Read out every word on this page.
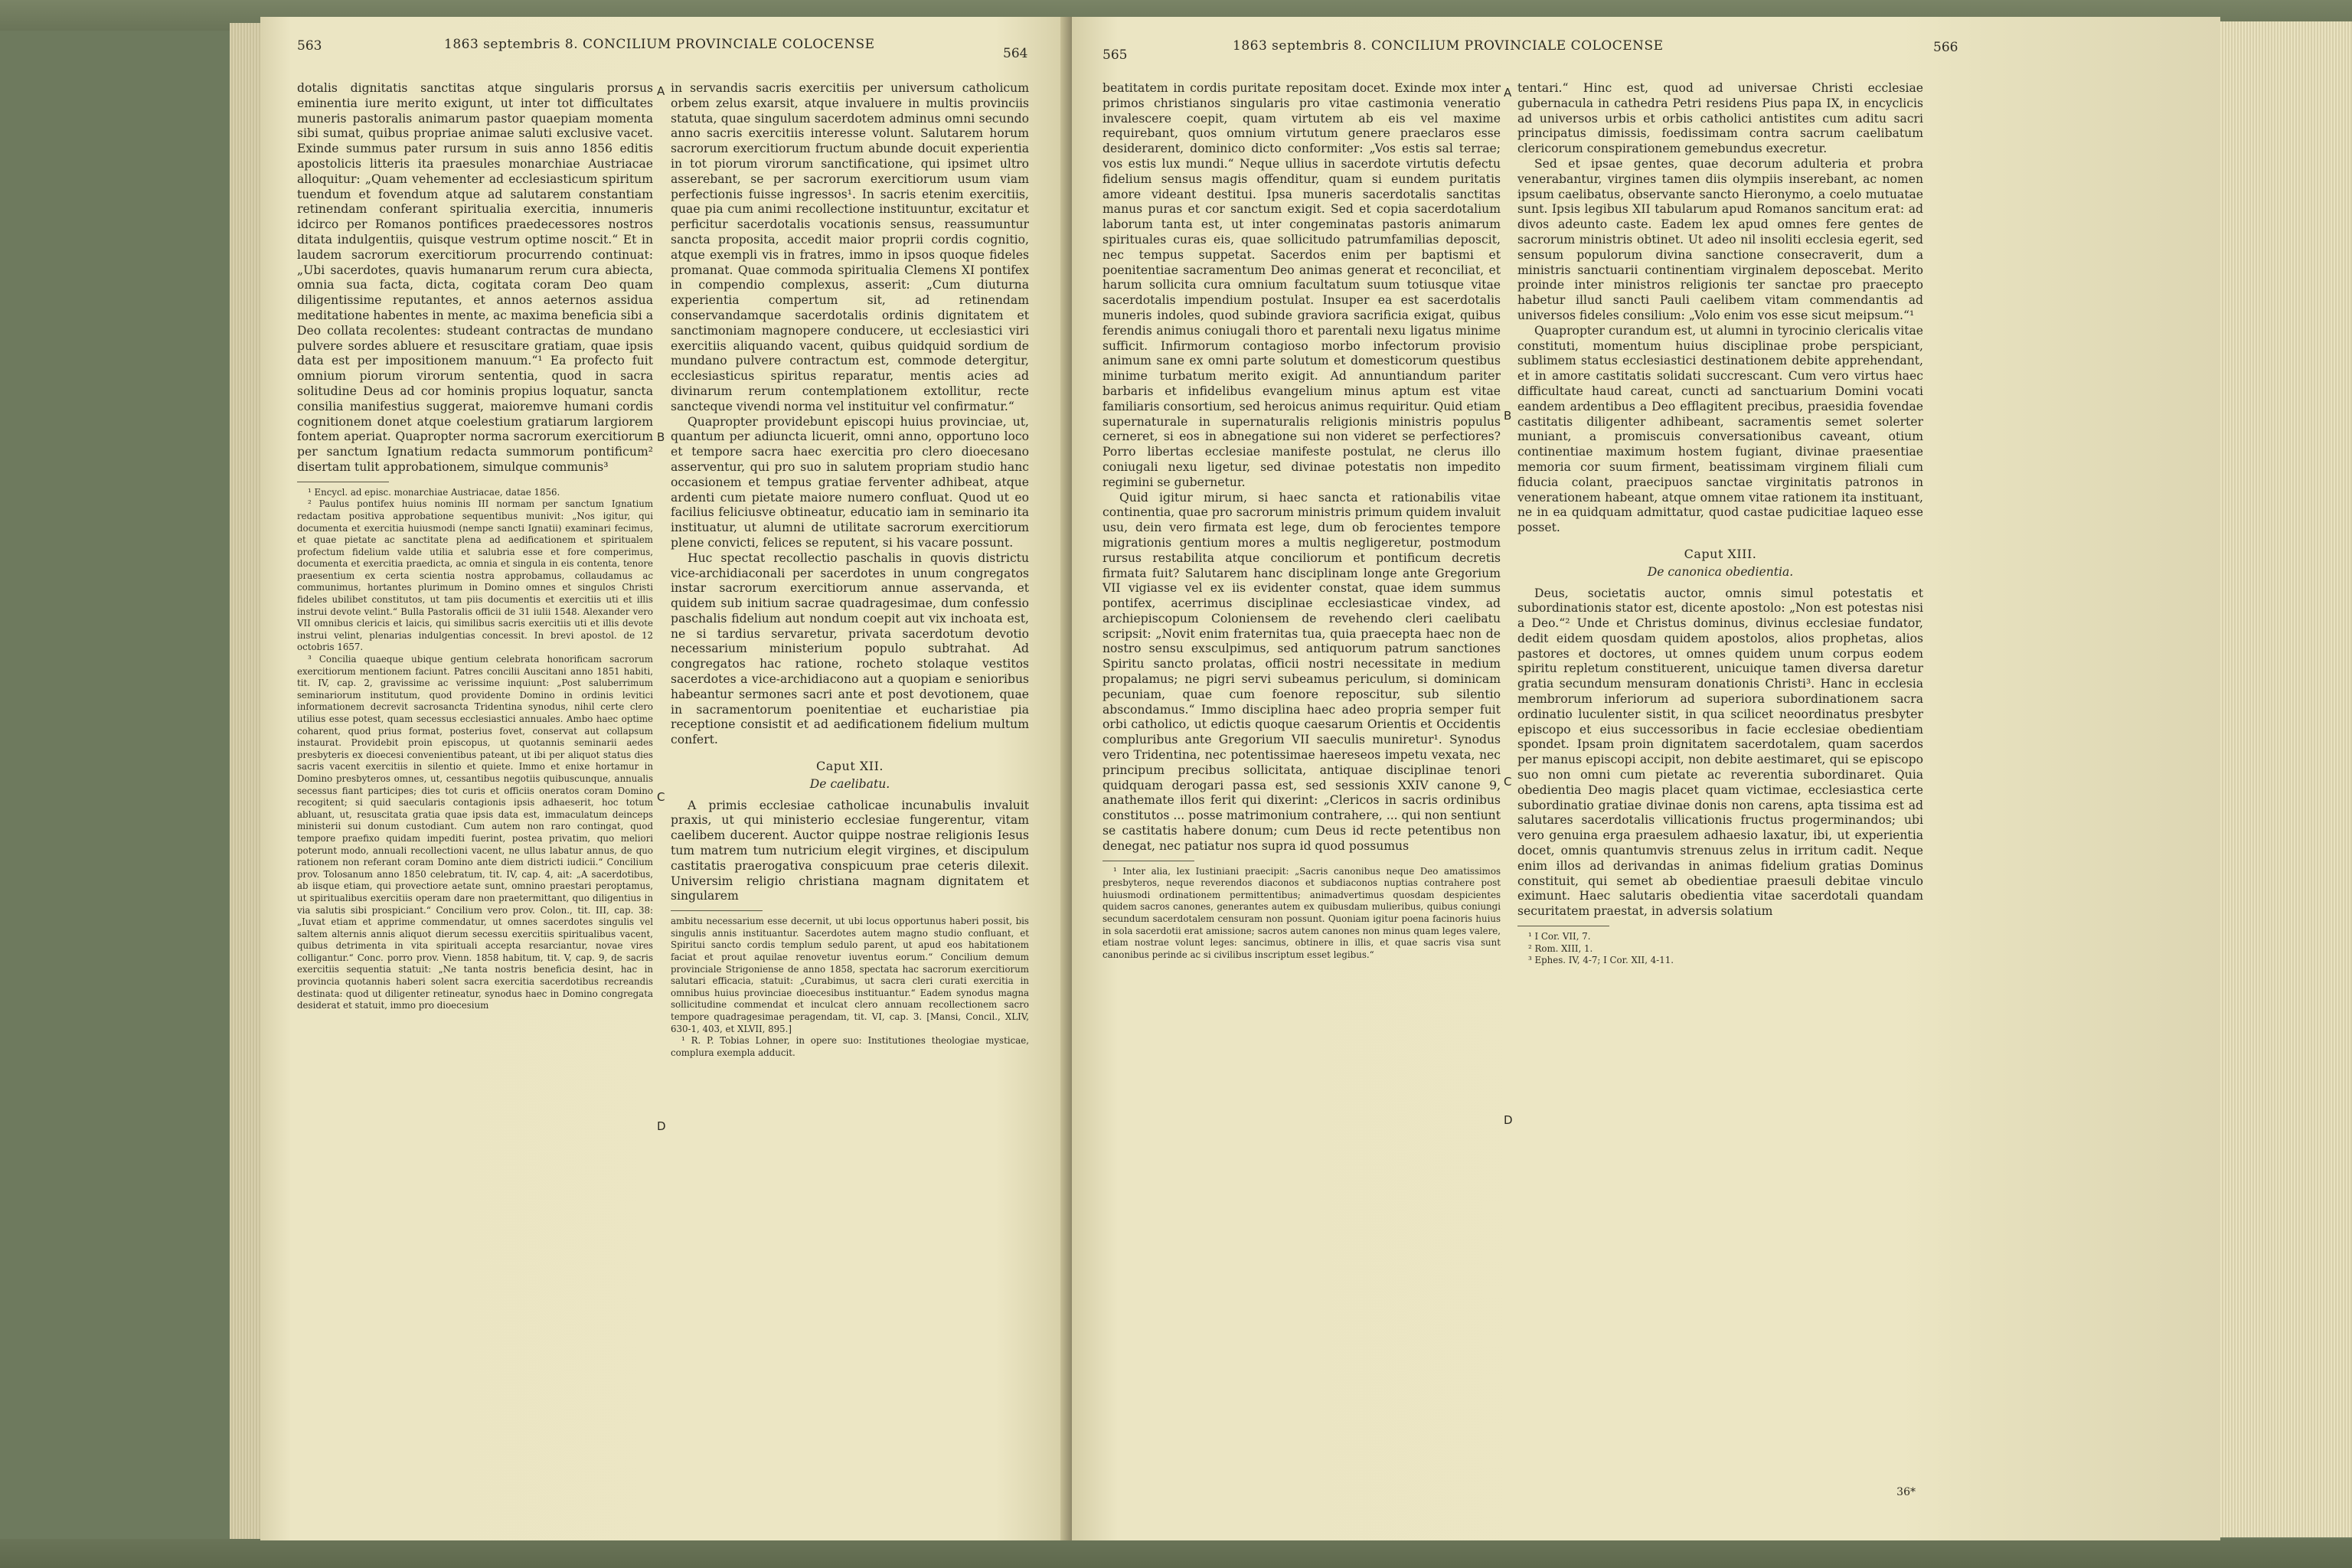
563	1863 septembris 8. CONCILIUM PROVINCIALE COLOCENSE
564

dotalis dignitatis sanctitas atque singularis prorsus eminentia iure merito exigunt, ut inter tot difficultates muneris pastoralis animarum pastor quaepiam momenta sibi sumat, quibus propriae animae saluti exclusive vacet. Exinde summus pater rursum in suis anno 1856 editis apostolicis litteris ita praesules monarchiae Austriacae alloquitur: „Quam vehementer ad ecclesiasticum spiritum tuendum et fovendum atque ad salutarem constantiam retinendam conferant spiritualia exercitia, innumeris idcirco per Romanos pontifices praedecessores nostros ditata indulgentiis, quisque vestrum optime noscit.“ Et in laudem sacrorum exercitiorum procurrendo continuat: „Ubi sacerdotes, quavis humanarum rerum cura abiecta, omnia sua facta, dicta, cogitata coram Deo quam diligentissime reputantes, et annos aeternos assidua meditatione habentes in mente, ac maxima beneficia sibi a Deo collata recolentes: studeant contractas de mundano pulvere sordes abluere et resuscitare gratiam, quae ipsis data est per impositionem manuum.“¹ Ea profecto fuit omnium piorum virorum sententia, quod in sacra solitudine Deus ad cor hominis propius loquatur, sancta consilia manifestius suggerat, maioremve humani cordis cognitionem donet atque coelestium gratiarum largiorem fontem aperiat. Quapropter norma sacrorum exercitiorum per sanctum Ignatium redacta summorum pontificum² disertam tulit approbationem, simulque communis³

¹ Encycl. ad episc. monarchiae Austriacae, datae 1856.

² Paulus pontifex huius nominis III normam per sanctum Ignatium redactam positiva approbatione sequentibus munivit: „Nos igitur, qui documenta et exercitia huiusmodi (nempe sancti Ignatii) examinari fecimus, et quae pietate ac sanctitate plena ad aedificationem et spiritualem profectum fidelium valde utilia et salubria esse et fore comperimus, documenta et exercitia praedicta, ac omnia et singula in eis contenta, tenore praesentium ex certa scientia nostra approbamus, collaudamus ac communimus, hortantes plurimum in Domino omnes et singulos Christi fideles ubilibet constitutos, ut tam piis documentis et exercitiis uti et illis instrui devote velint.“ Bulla Pastoralis officii de 31 iulii 1548. Alexander vero VII omnibus clericis et laicis, qui similibus sacris exercitiis uti et illis devote instrui velint, plenarias indulgentias concessit. In brevi apostol. de 12 octobris 1657.

³ Concilia quaeque ubique gentium celebrata honorificam sacrorum exercitiorum mentionem faciunt. Patres concilii Auscitani anno 1851 habiti, tit. IV, cap. 2, gravissime ac verissime inquiunt: „Post saluberrimum seminariorum institutum, quod providente Domino in ordinis levitici informationem decrevit sacrosancta Tridentina synodus, nihil certe clero utilius esse potest, quam secessus ecclesiastici annuales. Ambo haec optime coharent, quod prius format, posterius fovet, conservat aut collapsum instaurat. Providebit proin episcopus, ut quotannis seminarii aedes presbyteris ex dioecesi convenientibus pateant, ut ibi per aliquot status dies sacris vacent exercitiis in silentio et quiete. Immo et enixe hortamur in Domino presbyteros omnes, ut, cessantibus negotiis quibuscunque, annualis secessus fiant participes; dies tot curis et officiis oneratos coram Domino recogitent; si quid saecularis contagionis ipsis adhaeserit, hoc totum abluant, ut, resuscitata gratia quae ipsis data est, immaculatum deinceps ministerii sui donum custodiant. Cum autem non raro contingat, quod tempore praefixo quidam impediti fuerint, postea privatim, quo meliori poterunt modo, annuali recollectioni vacent, ne ullus labatur annus, de quo rationem non referant coram Domino ante diem districti iudicii.“ Concilium prov. Tolosanum anno 1850 celebratum, tit. IV, cap. 4, ait: „A sacerdotibus, ab iisque etiam, qui provectiore aetate sunt, omnino praestari peroptamus, ut spiritualibus exercitiis operam dare non praetermittant, quo diligentius in via salutis sibi prospiciant.“ Concilium vero prov. Colon., tit. III, cap. 38: „Iuvat etiam et apprime commendatur, ut omnes sacerdotes singulis vel saltem alternis annis aliquot dierum secessu exercitiis spiritualibus vacent, quibus detrimenta in vita spirituali accepta resarciantur, novae vires colligantur.“ Conc. porro prov. Vienn. 1858 habitum, tit. V, cap. 9, de sacris exercitiis sequentia statuit: „Ne tanta nostris beneficia desint, hac in provincia quotannis haberi solent sacra exercitia sacerdotibus recreandis destinata: quod ut diligenter retineatur, synodus haec in Domino congregata desiderat et statuit, immo pro dioecesium

A
B
C
D

in servandis sacris exercitiis per universum catholicum orbem zelus exarsit, atque invaluere in multis provinciis statuta, quae singulum sacerdotem adminus omni secundo anno sacris exercitiis interesse volunt. Salutarem horum sacrorum exercitiorum fructum abunde docuit experientia in tot piorum virorum sanctificatione, qui ipsimet ultro asserebant, se per sacrorum exercitiorum usum viam perfectionis fuisse ingressos¹. In sacris etenim exercitiis, quae pia cum animi recollectione instituuntur, excitatur et perficitur sacerdotalis vocationis sensus, reassumuntur sancta proposita, accedit maior proprii cordis cognitio, atque exempli vis in fratres, immo in ipsos quoque fideles promanat. Quae commoda spiritualia Clemens XI pontifex in compendio complexus, asserit: „Cum diuturna experientia compertum sit, ad retinendam conservandamque sacerdotalis ordinis dignitatem et sanctimoniam magnopere conducere, ut ecclesiastici viri exercitiis aliquando vacent, quibus quidquid sordium de mundano pulvere contractum est, commode detergitur, ecclesiasticus spiritus reparatur, mentis acies ad divinarum rerum contemplationem extollitur, recte sancteque vivendi norma vel instituitur vel confirmatur.“

Quapropter providebunt episcopi huius provinciae, ut, quantum per adiuncta licuerit, omni anno, opportuno loco et tempore sacra haec exercitia pro clero dioecesano asserventur, qui pro suo in salutem propriam studio hanc occasionem et tempus gratiae ferventer adhibeat, atque ardenti cum pietate maiore numero confluat. Quod ut eo facilius feliciusve obtineatur, educatio iam in seminario ita instituatur, ut alumni de utilitate sacrorum exercitiorum plene convicti, felices se reputent, si his vacare possunt.

Huc spectat recollectio paschalis in quovis districtu vice-archidiaconali per sacerdotes in unum congregatos instar sacrorum exercitiorum annue asservanda, et quidem sub initium sacrae quadragesimae, dum confessio paschalis fidelium aut nondum coepit aut vix inchoata est, ne si tardius servaretur, privata sacerdotum devotio necessarium ministerium populo subtrahat. Ad congregatos hac ratione, rocheto stolaque vestitos sacerdotes a vice-archidiacono aut a quopiam e senioribus habeantur sermones sacri ante et post devotionem, quae in sacramentorum poenitentiae et eucharistiae pia receptione consistit et ad aedificationem fidelium multum confert.

Caput XII.

De caelibatu.

A primis ecclesiae catholicae incunabulis invaluit praxis, ut qui ministerio ecclesiae fungerentur, vitam caelibem ducerent. Auctor quippe nostrae religionis Iesus tum matrem tum nutricium elegit virgines, et discipulum castitatis praerogativa conspicuum prae ceteris dilexit. Universim religio christiana magnam dignitatem et singularem

ambitu necessarium esse decernit, ut ubi locus opportunus haberi possit, bis singulis annis instituantur. Sacerdotes autem magno studio confluant, et Spiritui sancto cordis templum sedulo parent, ut apud eos habitationem faciat et prout aquilae renovetur iuventus eorum.“ Concilium demum provinciale Strigoniense de anno 1858, spectata hac sacrorum exercitiorum salutari efficacia, statuit: „Curabimus, ut sacra cleri curati exercitia in omnibus huius provinciae dioecesibus instituantur.“ Eadem synodus magna sollicitudine commendat et inculcat clero annuam recollectionem sacro tempore quadragesimae peragendam, tit. VI, cap. 3. [Mansi, Concil., XLIV, 630-1, 403, et XLVII, 895.]

¹ R. P. Tobias Lohner, in opere suo: Institutiones theologiae mysticae, complura exempla adducit.

565
1863 septembris 8. CONCILIUM PROVINCIALE COLOCENSE	566

beatitatem in cordis puritate repositam docet. Exinde mox inter primos christianos singularis pro vitae castimonia veneratio invalescere coepit, quam virtutem ab eis vel maxime requirebant, quos omnium virtutum genere praeclaros esse desiderarent, dominico dicto conformiter: „Vos estis sal terrae; vos estis lux mundi.“ Neque ullius in sacerdote virtutis defectu fidelium sensus magis offenditur, quam si eundem puritatis amore videant destitui. Ipsa muneris sacerdotalis sanctitas manus puras et cor sanctum exigit. Sed et copia sacerdotalium laborum tanta est, ut inter congeminatas pastoris animarum spirituales curas eis, quae sollicitudo patrumfamilias deposcit, nec tempus suppetat. Sacerdos enim per baptismi et poenitentiae sacramentum Deo animas generat et reconciliat, et harum sollicita cura omnium facultatum suum totiusque vitae sacerdotalis impendium postulat. Insuper ea est sacerdotalis muneris indoles, quod subinde graviora sacrificia exigat, quibus ferendis animus coniugali thoro et parentali nexu ligatus minime sufficit. Infirmorum contagioso morbo infectorum provisio animum sane ex omni parte solutum et domesticorum questibus minime turbatum merito exigit. Ad annuntiandum pariter barbaris et infidelibus evangelium minus aptum est vitae familiaris consortium, sed heroicus animus requiritur. Quid etiam supernaturale in supernaturalis religionis ministris populus cerneret, si eos in abnegatione sui non videret se perfectiores? Porro libertas ecclesiae manifeste postulat, ne clerus illo coniugali nexu ligetur, sed divinae potestatis non impedito regimini se gubernetur.

Quid igitur mirum, si haec sancta et rationabilis vitae continentia, quae pro sacrorum ministris primum quidem invaluit usu, dein vero firmata est lege, dum ob ferocientes tempore migrationis gentium mores a multis negligeretur, postmodum rursus restabilita atque conciliorum et pontificum decretis firmata fuit? Salutarem hanc disciplinam longe ante Gregorium VII vigiasse vel ex iis evidenter constat, quae idem summus pontifex, acerrimus disciplinae ecclesiasticae vindex, ad archiepiscopum Coloniensem de revehendo cleri caelibatu scripsit: „Novit enim fraternitas tua, quia praecepta haec non de nostro sensu exsculpimus, sed antiquorum patrum sanctiones Spiritu sancto prolatas, officii nostri necessitate in medium propalamus; ne pigri servi subeamus periculum, si dominicam pecuniam, quae cum foenore reposcitur, sub silentio abscondamus.“ Immo disciplina haec adeo propria semper fuit orbi catholico, ut edictis quoque caesarum Orientis et Occidentis compluribus ante Gregorium VII saeculis muniretur¹. Synodus vero Tridentina, nec potentissimae haereseos impetu vexata, nec principum precibus sollicitata, antiquae disciplinae tenori quidquam derogari passa est, sed sessionis XXIV canone 9, anathemate illos ferit qui dixerint: „Clericos in sacris ordinibus constitutos ... posse matrimonium contrahere, ... qui non sentiunt se castitatis habere donum; cum Deus id recte petentibus non denegat, nec patiatur nos supra id quod possumus

¹ Inter alia, lex Iustiniani praecipit: „Sacris canonibus neque Deo amatissimos presbyteros, neque reverendos diaconos et subdiaconos nuptias contrahere post huiusmodi ordinationem permittentibus; animadvertimus quosdam despicientes quidem sacros canones, generantes autem ex quibusdam mulieribus, quibus coniungi secundum sacerdotalem censuram non possunt. Quoniam igitur poena facinoris huius in sola sacerdotii erat amissione; sacros autem canones non minus quam leges valere, etiam nostrae volunt leges: sancimus, obtinere in illis, et quae sacris visa sunt canonibus perinde ac si civilibus inscriptum esset legibus.“

A
B
C
D

tentari.“ Hinc est, quod ad universae Christi ecclesiae gubernacula in cathedra Petri residens Pius papa IX, in encyclicis ad universos urbis et orbis catholici antistites cum aditu sacri principatus dimissis, foedissimam contra sacrum caelibatum clericorum conspirationem gemebundus execretur.

Sed et ipsae gentes, quae decorum adulteria et probra venerabantur, virgines tamen diis olympiis inserebant, ac nomen ipsum caelibatus, observante sancto Hieronymo, a coelo mutuatae sunt. Ipsis legibus XII tabularum apud Romanos sancitum erat: ad divos adeunto caste. Eadem lex apud omnes fere gentes de sacrorum ministris obtinet. Ut adeo nil insoliti ecclesia egerit, sed sensum populorum divina sanctione consecraverit, dum a ministris sanctuarii continentiam virginalem deposcebat. Merito proinde inter ministros religionis ter sanctae pro praecepto habetur illud sancti Pauli caelibem vitam commendantis ad universos fideles consilium: „Volo enim vos esse sicut meipsum.“¹

Quapropter curandum est, ut alumni in tyrocinio clericalis vitae constituti, momentum huius disciplinae probe perspiciant, sublimem status ecclesiastici destinationem debite apprehendant, et in amore castitatis solidati succrescant. Cum vero virtus haec difficultate haud careat, cuncti ad sanctuarium Domini vocati eandem ardentibus a Deo efflagitent precibus, praesidia fovendae castitatis diligenter adhibeant, sacramentis semet solerter muniant, a promiscuis conversationibus caveant, otium continentiae maximum hostem fugiant, divinae praesentiae memoria cor suum firment, beatissimam virginem filiali cum fiducia colant, praecipuos sanctae virginitatis patronos in venerationem habeant, atque omnem vitae rationem ita instituant, ne in ea quidquam admittatur, quod castae pudicitiae laqueo esse posset.

Caput XIII.

De canonica obedientia.

Deus, societatis auctor, omnis simul potestatis et subordinationis stator est, dicente apostolo: „Non est potestas nisi a Deo.“² Unde et Christus dominus, divinus ecclesiae fundator, dedit eidem quosdam quidem apostolos, alios prophetas, alios pastores et doctores, ut omnes quidem unum corpus eodem spiritu repletum constituerent, unicuique tamen diversa daretur gratia secundum mensuram donationis Christi³. Hanc in ecclesia membrorum inferiorum ad superiora subordinationem sacra ordinatio luculenter sistit, in qua scilicet neoordinatus presbyter episcopo et eius successoribus in facie ecclesiae obedientiam spondet. Ipsam proin dignitatem sacerdotalem, quam sacerdos per manus episcopi accipit, non debite aestimaret, qui se episcopo suo non omni cum pietate ac reverentia subordinaret. Quia obedientia Deo magis placet quam victimae, ecclesiastica certe subordinatio gratiae divinae donis non carens, apta tissima est ad salutares sacerdotalis villicationis fructus progerminandos; ubi vero genuina erga praesulem adhaesio laxatur, ibi, ut experientia docet, omnis quantumvis strenuus zelus in irritum cadit. Neque enim illos ad derivandas in animas fidelium gratias Dominus constituit, qui semet ab obedientiae praesuli debitae vinculo eximunt. Haec salutaris obedientia vitae sacerdotali quandam securitatem praestat, in adversis solatium

¹ I Cor. VII, 7.

² Rom. XIII, 1.

³ Ephes. IV, 4-7; I Cor. XII, 4-11.

36*
